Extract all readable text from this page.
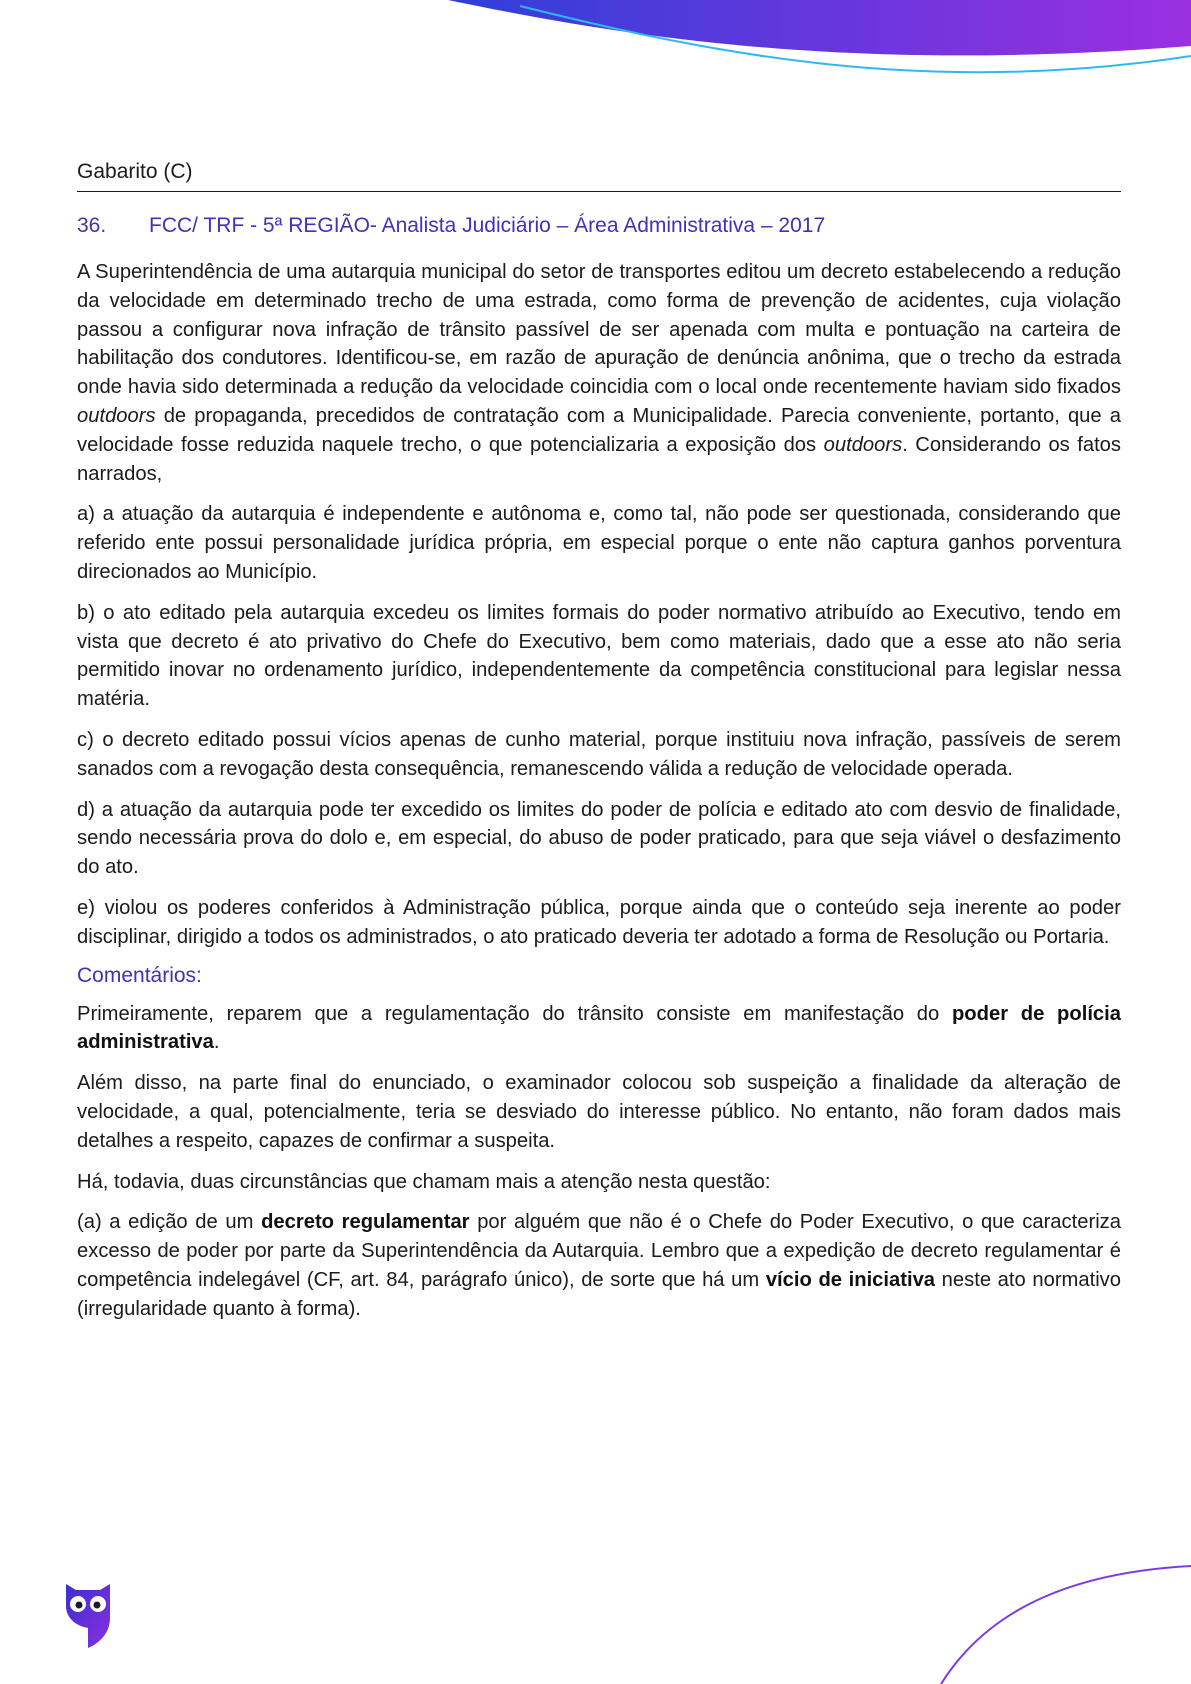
Gabarito (C)
36.	FCC/ TRF - 5ª REGIÃO- Analista Judiciário – Área Administrativa – 2017

A Superintendência de uma autarquia municipal do setor de transportes editou um decreto estabelecendo a redução da velocidade em determinado trecho de uma estrada, como forma de prevenção de acidentes, cuja violação passou a configurar nova infração de trânsito passível de ser apenada com multa e pontuação na carteira de habilitação dos condutores. Identificou-se, em razão de apuração de denúncia anônima, que o trecho da estrada onde havia sido determinada a redução da velocidade coincidia com o local onde recentemente haviam sido fixados outdoors de propaganda, precedidos de contratação com a Municipalidade. Parecia conveniente, portanto, que a velocidade fosse reduzida naquele trecho, o que potencializaria a exposição dos outdoors. Considerando os fatos narrados,

a) a atuação da autarquia é independente e autônoma e, como tal, não pode ser questionada, considerando que referido ente possui personalidade jurídica própria, em especial porque o ente não captura ganhos porventura direcionados ao Município.

b) o ato editado pela autarquia excedeu os limites formais do poder normativo atribuído ao Executivo, tendo em vista que decreto é ato privativo do Chefe do Executivo, bem como materiais, dado que a esse ato não seria permitido inovar no ordenamento jurídico, independentemente da competência constitucional para legislar nessa matéria.

c) o decreto editado possui vícios apenas de cunho material, porque instituiu nova infração, passíveis de serem sanados com a revogação desta consequência, remanescendo válida a redução de velocidade operada.

d) a atuação da autarquia pode ter excedido os limites do poder de polícia e editado ato com desvio de finalidade, sendo necessária prova do dolo e, em especial, do abuso de poder praticado, para que seja viável o desfazimento do ato.

e) violou os poderes conferidos à Administração pública, porque ainda que o conteúdo seja inerente ao poder disciplinar, dirigido a todos os administrados, o ato praticado deveria ter adotado a forma de Resolução ou Portaria.

Comentários:

Primeiramente, reparem que a regulamentação do trânsito consiste em manifestação do poder de polícia administrativa.

Além disso, na parte final do enunciado, o examinador colocou sob suspeição a finalidade da alteração de velocidade, a qual, potencialmente, teria se desviado do interesse público. No entanto, não foram dados mais detalhes a respeito, capazes de confirmar a suspeita.

Há, todavia, duas circunstâncias que chamam mais a atenção nesta questão:

(a) a edição de um decreto regulamentar por alguém que não é o Chefe do Poder Executivo, o que caracteriza excesso de poder por parte da Superintendência da Autarquia. Lembro que a expedição de decreto regulamentar é competência indelegável (CF, art. 84, parágrafo único), de sorte que há um vício de iniciativa neste ato normativo (irregularidade quanto à forma).
